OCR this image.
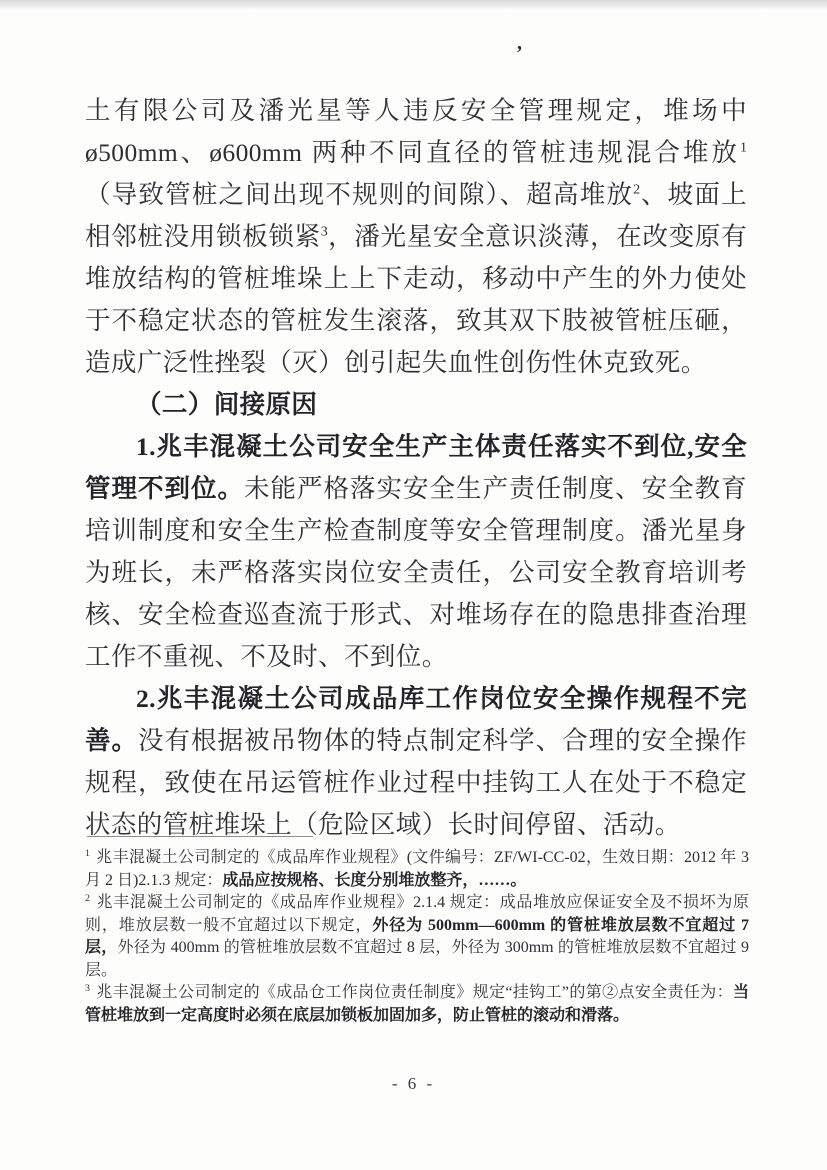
’

土有限公司及潘光星等人违反安全管理规定，堆场中ø500mm、ø600mm 两种不同直径的管桩违规混合堆放$^1$（导致管桩之间出现不规则的间隙）、超高堆放$^2$、坡面上相邻桩没用锁板锁紧$^3$，潘光星安全意识淡薄，在改变原有堆放结构的管桩堆垛上上下走动，移动中产生的外力使处于不稳定状态的管桩发生滚落，致其双下肢被管桩压砸，造成广泛性挫裂（灭）创引起失血性创伤性休克致死。

（二）间接原因

1.兆丰混凝土公司安全生产主体责任落实不到位,安全管理不到位。未能严格落实安全生产责任制度、安全教育培训制度和安全生产检查制度等安全管理制度。潘光星身为班长，未严格落实岗位安全责任，公司安全教育培训考核、安全检查巡查流于形式、对堆场存在的隐患排查治理工作不重视、不及时、不到位。

2.兆丰混凝土公司成品库工作岗位安全操作规程不完善。没有根据被吊物体的特点制定科学、合理的安全操作规程，致使在吊运管桩作业过程中挂钩工人在处于不稳定状态的管桩堆垛上（危险区域）长时间停留、活动。

$^1$ 兆丰混凝土公司制定的《成品库作业规程》(文件编号：ZF/WI-CC-02，生效日期：2012 年 3 月 2 日)2.1.3 规定：成品应按规格、长度分别堆放整齐，……。

$^2$ 兆丰混凝土公司制定的《成品库作业规程》2.1.4 规定：成品堆放应保证安全及不损坏为原则，堆放层数一般不宜超过以下规定，外径为 500mm—600mm 的管桩堆放层数不宜超过 7 层，外径为 400mm 的管桩堆放层数不宜超过 8 层，外径为 300mm 的管桩堆放层数不宜超过 9 层。

$^3$ 兆丰混凝土公司制定的《成品仓工作岗位责任制度》规定“挂钩工”的第②点安全责任为：当管桩堆放到一定高度时必须在底层加锁板加固加多，防止管桩的滚动和滑落。

- 6 -
